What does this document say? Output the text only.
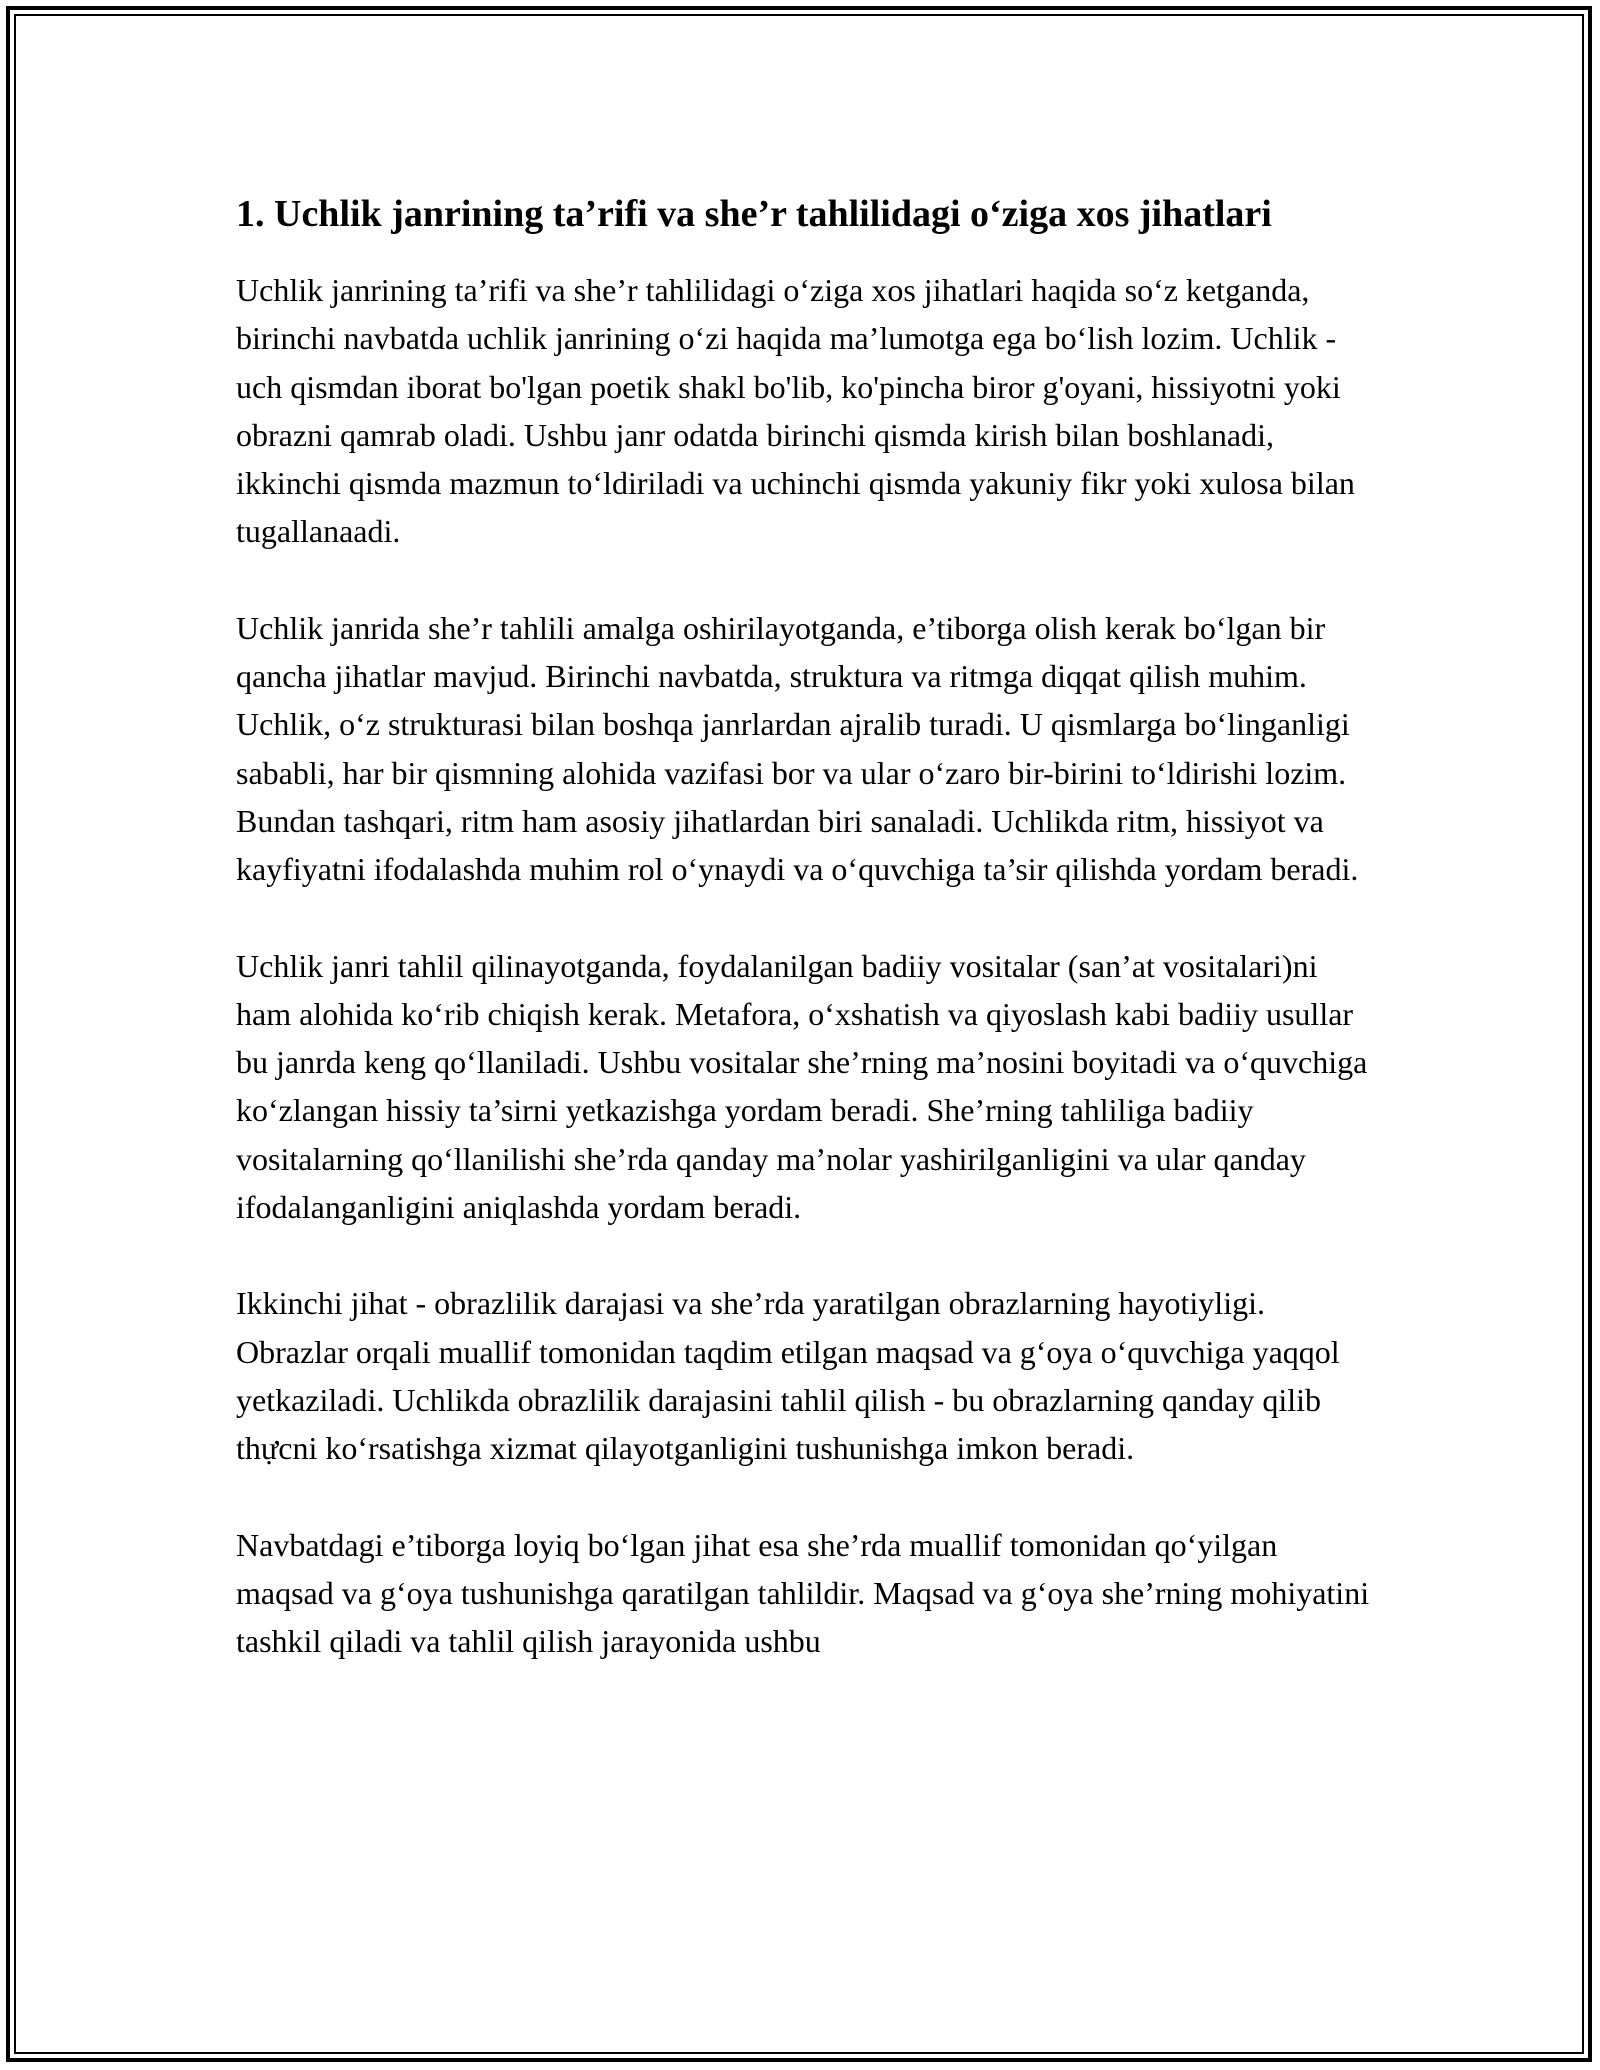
1. Uchlik janrining ta’rifi va she’r tahlilidagi o‘ziga xos jihatlari

Uchlik janrining ta’rifi va she’r tahlilidagi o‘ziga xos jihatlari haqida so‘z ketganda, birinchi navbatda uchlik janrining o‘zi haqida ma’lumotga ega bo‘lish lozim. Uchlik - uch qismdan iborat bo'lgan poetik shakl bo'lib, ko'pincha biror g'oyani, hissiyotni yoki obrazni qamrab oladi. Ushbu janr odatda birinchi qismda kirish bilan boshlanadi, ikkinchi qismda mazmun to‘ldiriladi va uchinchi qismda yakuniy fikr yoki xulosa bilan tugallanaadi.

Uchlik janrida she’r tahlili amalga oshirilayotganda, e’tiborga olish kerak bo‘lgan bir qancha jihatlar mavjud. Birinchi navbatda, struktura va ritmga diqqat qilish muhim. Uchlik, o‘z strukturasi bilan boshqa janrlardan ajralib turadi. U qismlarga bo‘linganligi sababli, har bir qismning alohida vazifasi bor va ular o‘zaro bir-birini to‘ldirishi lozim. Bundan tashqari, ritm ham asosiy jihatlardan biri sanaladi. Uchlikda ritm, hissiyot va kayfiyatni ifodalashda muhim rol o‘ynaydi va o‘quvchiga ta’sir qilishda yordam beradi.

Uchlik janri tahlil qilinayotganda, foydalanilgan badiiy vositalar (san’at vositalari)ni ham alohida ko‘rib chiqish kerak. Metafora, o‘xshatish va qiyoslash kabi badiiy usullar bu janrda keng qo‘llaniladi. Ushbu vositalar she’rning ma’nosini boyitadi va o‘quvchiga ko‘zlangan hissiy ta’sirni yetkazishga yordam beradi. She’rning tahliliga badiiy vositalarning qo‘llanilishi she’rda qanday ma’nolar yashirilganligini va ular qanday ifodalanganligini aniqlashda yordam beradi.

Ikkinchi jihat - obrazlilik darajasi va she’rda yaratilgan obrazlarning hayotiyligi. Obrazlar orqali muallif tomonidan taqdim etilgan maqsad va g‘oya o‘quvchiga yaqqol yetkaziladi. Uchlikda obrazlilik darajasini tahlil qilish - bu obrazlarning qanday qilib thựcni ko‘rsatishga xizmat qilayotganligini tushunishga imkon beradi.

Navbatdagi e’tiborga loyiq bo‘lgan jihat esa she’rda muallif tomonidan qo‘yilgan maqsad va g‘oya tushunishga qaratilgan tahlildir. Maqsad va g‘oya she’rning mohiyatini tashkil qiladi va tahlil qilish jarayonida ushbu
